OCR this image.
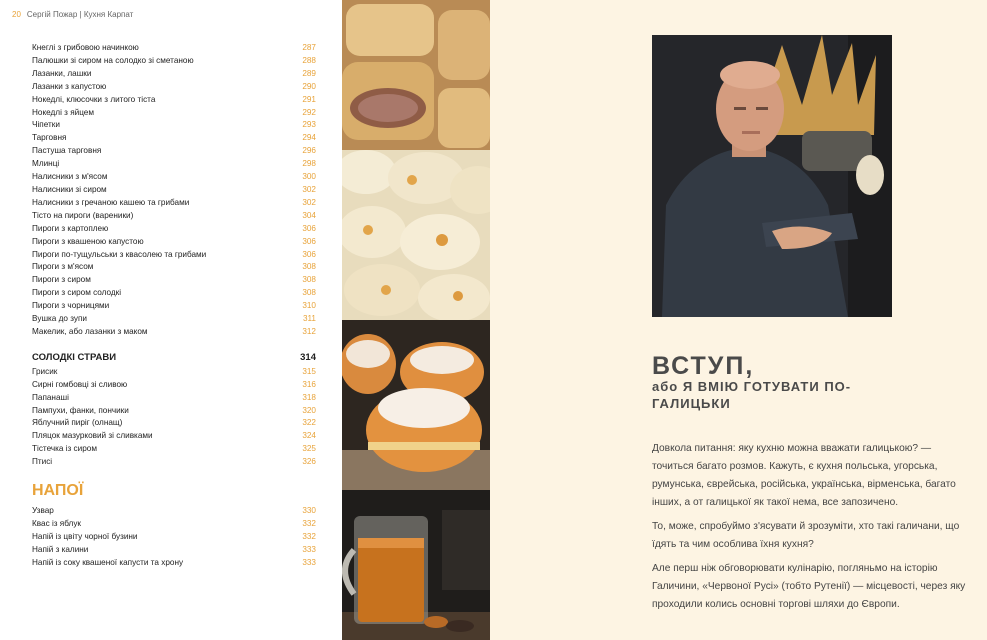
20 Сергій Пожар | Кухня Карпат
Кнеглі з грибовою начинкою	287
Палюшки зі сиром на солодко зі сметаною	288
Лазанки, лашки	289
Лазанки з капустою	290
Нокедлі, клюсочки з литого тіста	291
Нокедлі з яйцем	292
Чіпетки	293
Тарговня	294
Пастуша тарговня	296
Млинці	298
Налисники з м'ясом	300
Налисники зі сиром	302
Налисники з гречаною кашею та грибами	302
Тісто на пироги (вареники)	304
Пироги з картоплею	306
Пироги з квашеною капустою	306
Пироги по-тущульськи з квасолею та грибами	306
Пироги з м'ясом	308
Пироги з сиром	308
Пироги з сиром солодкі	308
Пироги з чорницями	310
Вушка до зупи	311
Макелик, або лазанки з маком	312
СОЛОДКІ СТРАВИ	314
Грисик	315
Сирні гомбовці зі сливою	316
Папанаші	318
Пампухи, фанки, пончики	320
Яблучний пиріг (олнащ)	322
Пляцок мазурковий зі сливками	324
Тістечка із сиром	325
Птисі	326
НАПОЇ
Узвар	330
Квас із яблук	332
Напій із цвіту чорної бузини	332
Напій з калини	333
Напій із соку квашеної капусти та хрону	333
ВСТУП,
або Я ВМІЮ ГОТУВАТИ ПО-ГАЛИЦЬКИ
Довкола питання: яку кухню можна вважати галицькою? — точиться багато розмов. Кажуть, є кухня польська, угорська, румунська, єврейська, російська, українська, вірменська, багато інших, а от галицької як такої нема, все запозичено.
То, може, спробуймо з'ясувати й зрозуміти, хто такі галичани, що їдять та чим особлива їхня кухня?
Але перш ніж обговорювати кулінарію, погляньмо на історію Галичини, «Червоної Русі» (тобто Рутенії) — місцевості, через яку проходили колись основні торгові шляхи до Європи.
